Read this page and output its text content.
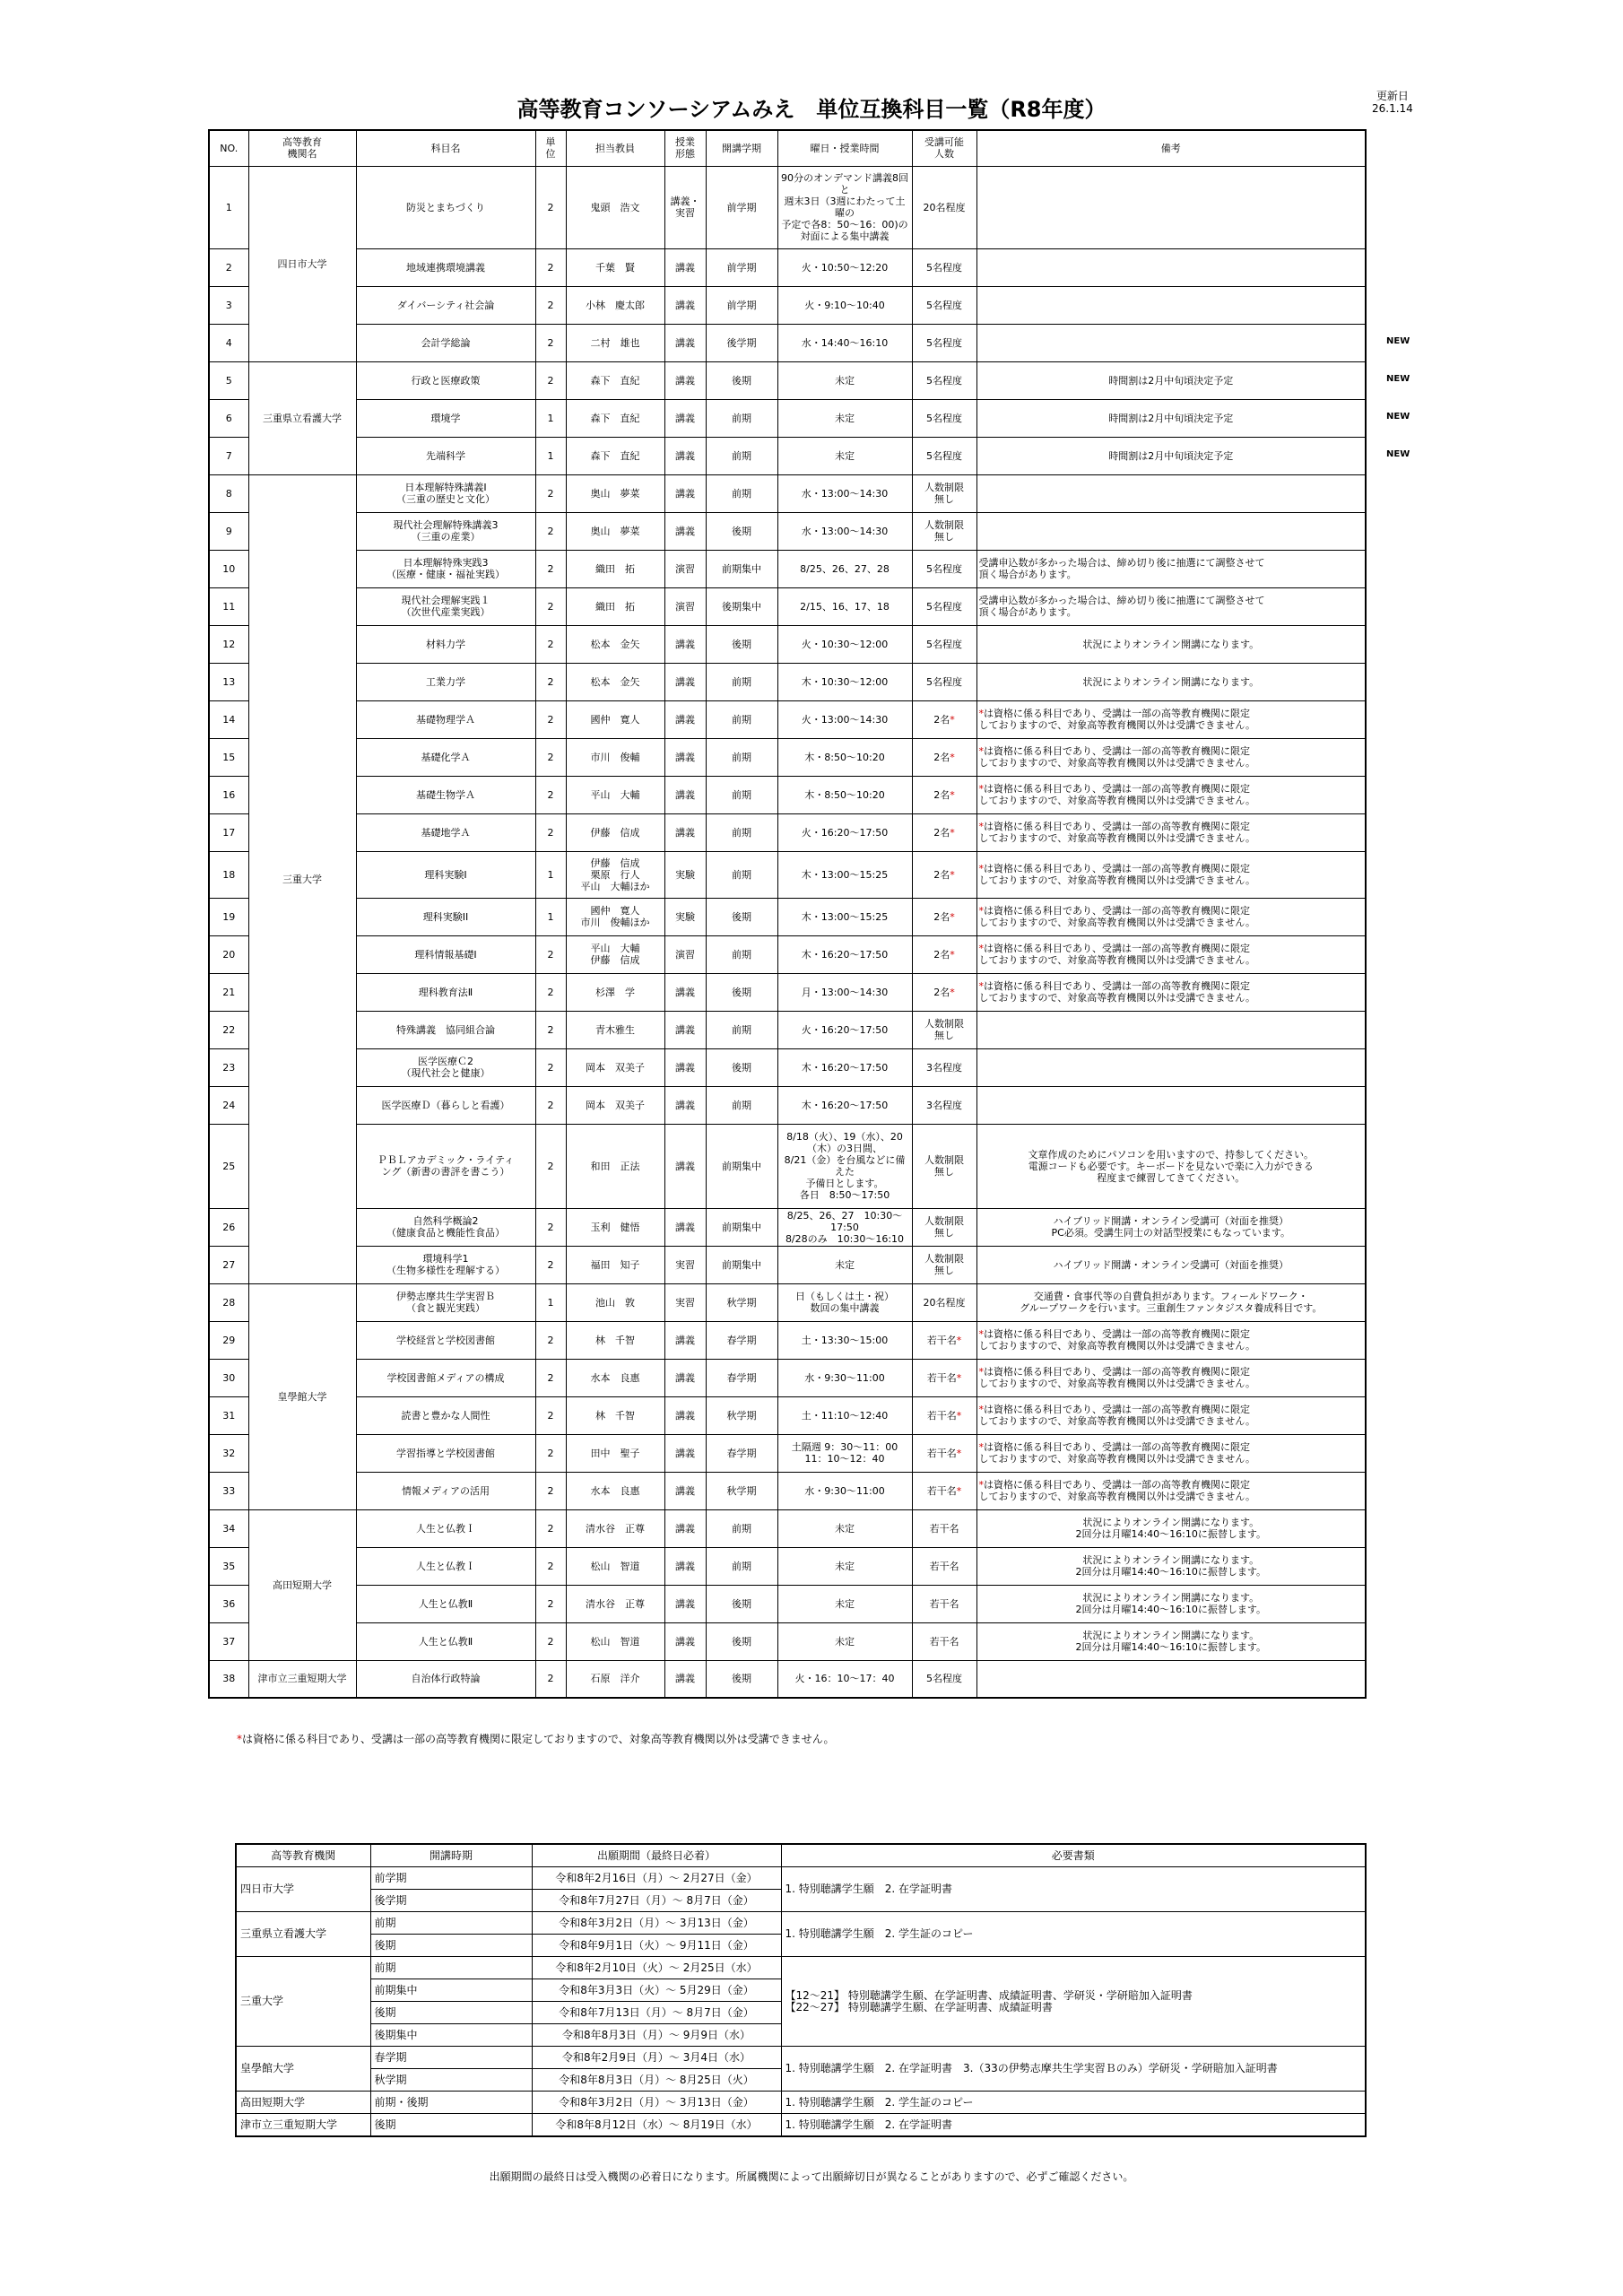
高等教育コンソーシアムみえ　単位互換科目一覧（R8年度）
更新日
26.1.14
NO.	高等教育
機関名	科目名	単
位	担当教員	授業
形態	開講学期	曜日・授業時間	受講可能
人数	備考
1	四日市大学	防災とまちづくり	2	鬼頭　浩文	講義・
実習	前学期	90分のオンデマンド講義8回と
週末3日（3週にわたって土曜の
予定で各8：50〜16：00)の
対面による集中講義	20名程度	
2		地域連携環境講義	2	千葉　賢	講義	前学期	火・10:50〜12:20	5名程度	
3		ダイバーシティ社会論	2	小林　慶太郎	講義	前学期	火・9:10〜10:40	5名程度	
4		会計学総論	2	二村　雄也	講義	後学期	水・14:40〜16:10	5名程度	
5	三重県立看護大学	行政と医療政策	2	森下　直紀	講義	後期	未定	5名程度	時間割は2月中旬頃決定予定
6		環境学	1	森下　直紀	講義	前期	未定	5名程度	時間割は2月中旬頃決定予定
7		先端科学	1	森下　直紀	講義	前期	未定	5名程度	時間割は2月中旬頃決定予定
8	三重大学	日本理解特殊講義I
（三重の歴史と文化）	2	奥山　夢菜	講義	前期	水・13:00〜14:30	人数制限
無し	
9		現代社会理解特殊講義3
（三重の産業）	2	奥山　夢菜	講義	後期	水・13:00〜14:30	人数制限
無し	
10		日本理解特殊実践3
（医療・健康・福祉実践）	2	織田　拓	演習	前期集中	8/25、26、27、28	5名程度	受講申込数が多かった場合は、締め切り後に抽選にて調整させて
頂く場合があります。
11		現代社会理解実践１
（次世代産業実践）	2	織田　拓	演習	後期集中	2/15、16、17、18	5名程度	受講申込数が多かった場合は、締め切り後に抽選にて調整させて
頂く場合があります。
12		材料力学	2	松本　金矢	講義	後期	火・10:30〜12:00	5名程度	状況によりオンライン開講になります。
13		工業力学	2	松本　金矢	講義	前期	木・10:30〜12:00	5名程度	状況によりオンライン開講になります。
14		基礎物理学Ａ	2	國仲　寛人	講義	前期	火・13:00〜14:30	2名*	*は資格に係る科目であり、受講は一部の高等教育機関に限定
しておりますので、対象高等教育機関以外は受講できません。
15		基礎化学Ａ	2	市川　俊輔	講義	前期	木・8:50〜10:20	2名*	*は資格に係る科目であり、受講は一部の高等教育機関に限定
しておりますので、対象高等教育機関以外は受講できません。
16		基礎生物学Ａ	2	平山　大輔	講義	前期	木・8:50〜10:20	2名*	*は資格に係る科目であり、受講は一部の高等教育機関に限定
しておりますので、対象高等教育機関以外は受講できません。
17		基礎地学Ａ	2	伊藤　信成	講義	前期	火・16:20〜17:50	2名*	*は資格に係る科目であり、受講は一部の高等教育機関に限定
しておりますので、対象高等教育機関以外は受講できません。
18		理科実験I	1	伊藤　信成
栗原　行人
平山　大輔ほか	実験	前期	木・13:00〜15:25	2名*	*は資格に係る科目であり、受講は一部の高等教育機関に限定
しておりますので、対象高等教育機関以外は受講できません。
19		理科実験II	1	國仲　寛人
市川　俊輔ほか	実験	後期	木・13:00〜15:25	2名*	*は資格に係る科目であり、受講は一部の高等教育機関に限定
しておりますので、対象高等教育機関以外は受講できません。
20		理科情報基礎I	2	平山　大輔
伊藤　信成	演習	前期	木・16:20〜17:50	2名*	*は資格に係る科目であり、受講は一部の高等教育機関に限定
しておりますので、対象高等教育機関以外は受講できません。
21		理科教育法Ⅱ	2	杉澤　学	講義	後期	月・13:00〜14:30	2名*	*は資格に係る科目であり、受講は一部の高等教育機関に限定
しておりますので、対象高等教育機関以外は受講できません。
22		特殊講義　協同組合論	2	青木雅生	講義	前期	火・16:20〜17:50	人数制限
無し	
23		医学医療Ｃ2
（現代社会と健康）	2	岡本　双美子	講義	後期	木・16:20〜17:50	3名程度	
24		医学医療Ｄ（暮らしと看護）	2	岡本　双美子	講義	前期	木・16:20〜17:50	3名程度	
25		ＰＢＬアカデミック・ライティ
ング（新書の書評を書こう）	2	和田　正法	講義	前期集中	8/18（火）、19（水）、20
（木）の3日間、
8/21（金）を台風などに備えた
予備日とします。
各日　8:50〜17:50	人数制限
無し	文章作成のためにパソコンを用いますので、持参してください。
電源コードも必要です。キーボードを見ないで楽に入力ができる
程度まで練習してきてください。
26		自然科学概論2
（健康食品と機能性食品）	2	玉利　健悟	講義	前期集中	8/25、26、27　10:30〜17:50
8/28のみ　10:30〜16:10	人数制限
無し	ハイブリッド開講・オンライン受講可（対面を推奨）
PC必須。受講生同士の対話型授業にもなっています。
27		環境科学1
（生物多様性を理解する）	2	福田　知子	実習	前期集中	未定	人数制限
無し	ハイブリッド開講・オンライン受講可（対面を推奨）
28	皇學館大学	伊勢志摩共生学実習Ｂ
（食と観光実践）	1	池山　敦	実習	秋学期	日（もしくは土・祝）
数回の集中講義	20名程度	交通費・食事代等の自費負担があります。フィールドワーク・
グループワークを行います。三重創生ファンタジスタ養成科目です。
29		学校経営と学校図書館	2	林　千智	講義	春学期	土・13:30〜15:00	若干名*	*は資格に係る科目であり、受講は一部の高等教育機関に限定
しておりますので、対象高等教育機関以外は受講できません。
30		学校図書館メディアの構成	2	水本　良惠	講義	春学期	水・9:30〜11:00	若干名*	*は資格に係る科目であり、受講は一部の高等教育機関に限定
しておりますので、対象高等教育機関以外は受講できません。
31		読書と豊かな人間性	2	林　千智	講義	秋学期	土・11:10〜12:40	若干名*	*は資格に係る科目であり、受講は一部の高等教育機関に限定
しておりますので、対象高等教育機関以外は受講できません。
32		学習指導と学校図書館	2	田中　聖子	講義	春学期	土隔週 9：30〜11：00
11：10〜12：40	若干名*	*は資格に係る科目であり、受講は一部の高等教育機関に限定
しておりますので、対象高等教育機関以外は受講できません。
33		情報メディアの活用	2	水本　良惠	講義	秋学期	水・9:30〜11:00	若干名*	*は資格に係る科目であり、受講は一部の高等教育機関に限定
しておりますので、対象高等教育機関以外は受講できません。
34	高田短期大学	人生と仏教Ｉ	2	清水谷　正尊	講義	前期	未定	若干名	状況によりオンライン開講になります。
2回分は月曜14:40〜16:10に振替します。
35		人生と仏教Ｉ	2	松山　智道	講義	前期	未定	若干名	状況によりオンライン開講になります。
2回分は月曜14:40〜16:10に振替します。
36		人生と仏教Ⅱ	2	清水谷　正尊	講義	後期	未定	若干名	状況によりオンライン開講になります。
2回分は月曜14:40〜16:10に振替します。
37		人生と仏教Ⅱ	2	松山　智道	講義	後期	未定	若干名	状況によりオンライン開講になります。
2回分は月曜14:40〜16:10に振替します。
38	津市立三重短期大学	自治体行政特論	2	石原　洋介	講義	後期	火・16：10〜17：40	5名程度	
NEW
NEW
NEW
NEW
*は資格に係る科目であり、受講は一部の高等教育機関に限定しておりますので、対象高等教育機関以外は受講できません。
高等教育機関	開講時期	出願期間（最終日必着）	必要書類
四日市大学	前学期	令和8年2月16日（月）～ 2月27日（金）	1. 特別聴講学生願　2. 在学証明書
	後学期	令和8年7月27日（月）～ 8月7日（金）	
三重県立看護大学	前期	令和8年3月2日（月）～ 3月13日（金）	1. 特別聴講学生願　2. 学生証のコピー
	後期	令和8年9月1日（火）～ 9月11日（金）	
三重大学	前期	令和8年2月10日（火）～ 2月25日（水）	【12～21】 特別聴講学生願、在学証明書、成績証明書、学研災・学研賠加入証明書
【22～27】 特別聴講学生願、在学証明書、成績証明書
	前期集中	令和8年3月3日（火）～ 5月29日（金）	
	後期	令和8年7月13日（月）～ 8月7日（金）	
	後期集中	令和8年8月3日（月）～ 9月9日（水）	
皇學館大学	春学期	令和8年2月9日（月）～ 3月4日（水）	1. 特別聴講学生願　2. 在学証明書　3.（33の伊勢志摩共生学実習Ｂのみ）学研災・学研賠加入証明書
	秋学期	令和8年8月3日（月）～ 8月25日（火）	
高田短期大学	前期・後期	令和8年3月2日（月）～ 3月13日（金）	1. 特別聴講学生願　2. 学生証のコピー
津市立三重短期大学	後期	令和8年8月12日（水）～ 8月19日（水）	1. 特別聴講学生願　2. 在学証明書
出願期間の最終日は受入機関の必着日になります。所属機関によって出願締切日が異なることがありますので、必ずご確認ください。
